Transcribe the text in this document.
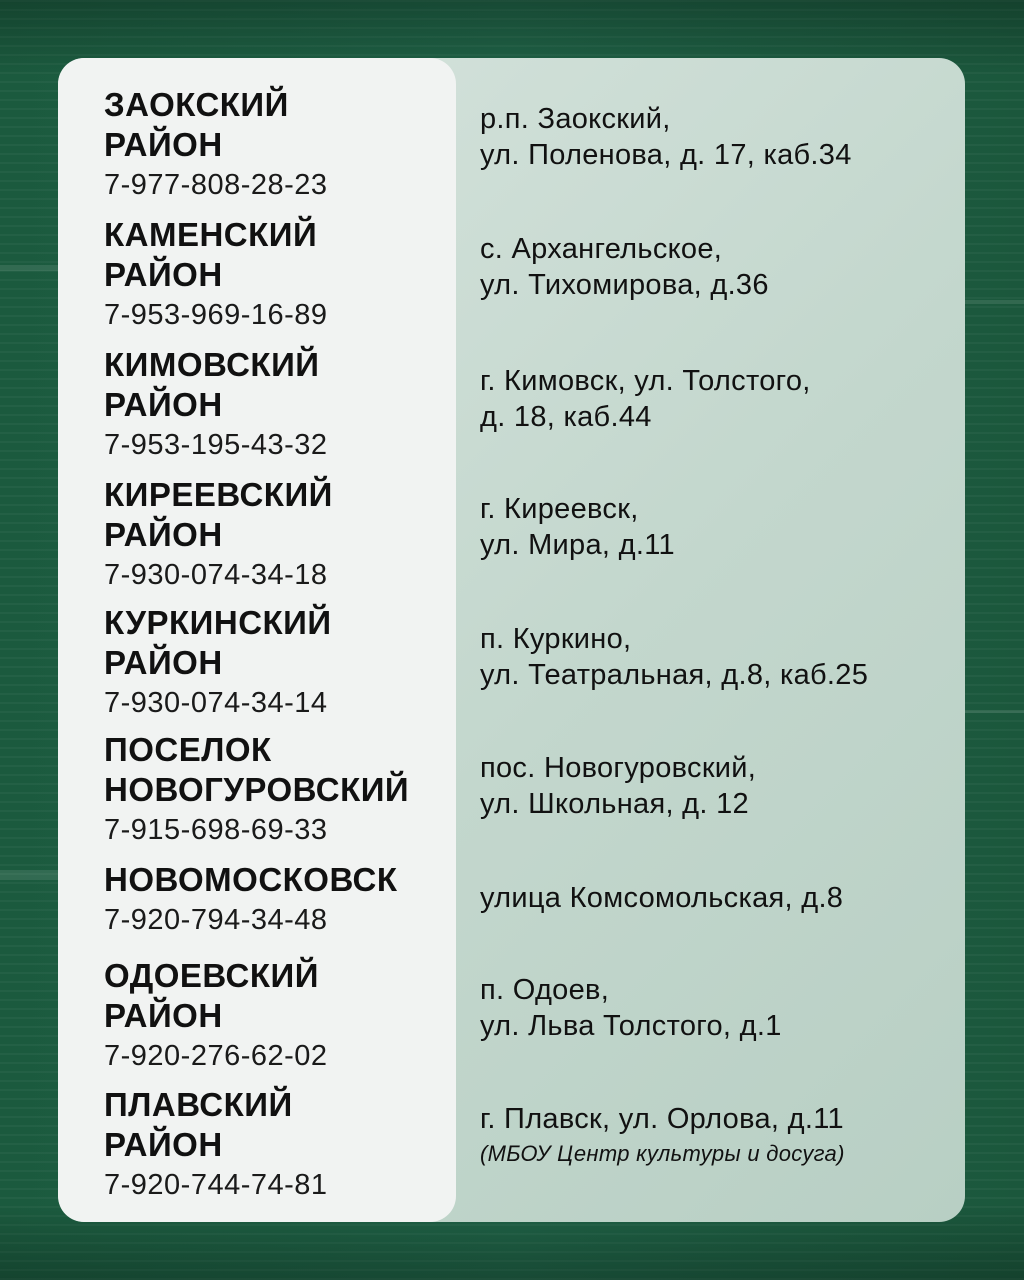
ЗАОКСКИЙ
РАЙОН
7-977-808-28-23
р.п. Заокский,
ул. Поленова, д. 17, каб.34
КАМЕНСКИЙ
РАЙОН
7-953-969-16-89
с. Архангельское,
ул. Тихомирова, д.36
КИМОВСКИЙ
РАЙОН
7-953-195-43-32
г. Кимовск, ул. Толстого,
д. 18, каб.44
КИРЕЕВСКИЙ
РАЙОН
7-930-074-34-18
г. Киреевск,
ул. Мира, д.11
КУРКИНСКИЙ
РАЙОН
7-930-074-34-14
п. Куркино,
ул. Театральная, д.8, каб.25
ПОСЕЛОК
НОВОГУРОВСКИЙ
7-915-698-69-33
пос. Новогуровский,
ул. Школьная, д. 12
НОВОМОСКОВСК
7-920-794-34-48
улица Комсомольская, д.8
ОДОЕВСКИЙ
РАЙОН
7-920-276-62-02
п. Одоев,
ул. Льва Толстого, д.1
ПЛАВСКИЙ
РАЙОН
7-920-744-74-81
г. Плавск, ул. Орлова, д.11
(МБОУ Центр культуры и досуга)
